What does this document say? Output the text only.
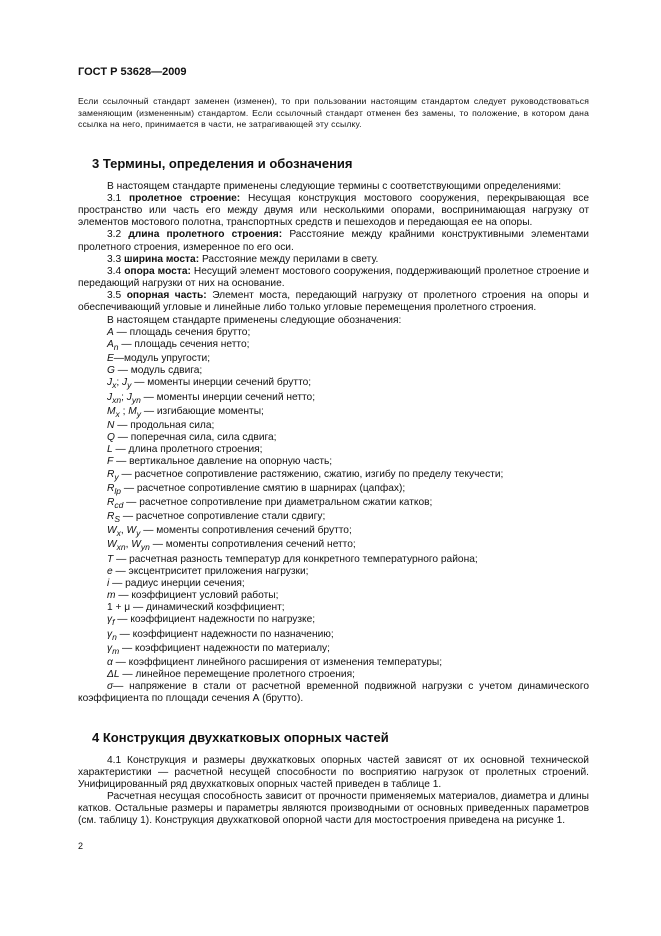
ГОСТ Р 53628—2009
Если ссылочный стандарт заменен (изменен), то при пользовании настоящим стандартом следует руководствоваться заменяющим (измененным) стандартом. Если ссылочный стандарт отменен без замены, то положение, в котором дана ссылка на него, принимается в части, не затрагивающей эту ссылку.
3 Термины, определения и обозначения

В настоящем стандарте применены следующие термины с соответствующими определениями:

3.1 пролетное строение: Несущая конструкция мостового сооружения, перекрывающая все пространство или часть его между двумя или несколькими опорами, воспринимающая нагрузку от элементов мостового полотна, транспортных средств и пешеходов и передающая ее на опоры.

3.2 длина пролетного строения: Расстояние между крайними конструктивными элементами пролетного строения, измеренное по его оси.

3.3 ширина моста: Расстояние между перилами в свету.

3.4 опора моста: Несущий элемент мостового сооружения, поддерживающий пролетное строение и передающий нагрузки от них на основание.

3.5 опорная часть: Элемент моста, передающий нагрузку от пролетного строения на опоры и обеспечивающий угловые и линейные либо только угловые перемещения пролетного строения.

В настоящем стандарте применены следующие обозначения:

A — площадь сечения брутто;

$A_n$ — площадь сечения нетто;

E—модуль упругости;

G — модуль сдвига;

$J_x$; $J_y$ — моменты инерции сечений брутто;

$J_{xn}$; $J_{yn}$ — моменты инерции сечений нетто;

$M_x$ ; $M_y$ — изгибающие моменты;

N — продольная сила;

Q — поперечная сила, сила сдвига;

L — длина пролетного строения;

F — вертикальное давление на опорную часть;

$R_y$ — расчетное сопротивление растяжению, сжатию, изгибу по пределу текучести;

$R_{lp}$ — расчетное сопротивление смятию в шарнирах (цапфах);

$R_{cd}$ — расчетное сопротивление при диаметральном сжатии катков;

$R_S$ — расчетное сопротивление стали сдвигу;

$W_x$, $W_y$ — моменты сопротивления сечений брутто;

$W_{xn}$, $W_{yn}$ — моменты сопротивления сечений нетто;

T — расчетная разность температур для конкретного температурного района;

e — эксцентриситет приложения нагрузки;

i — радиус инерции сечения;

m — коэффициент условий работы;

1 + μ — динамический коэффициент;

$\gamma_f$ — коэффициент надежности по нагрузке;

$\gamma_n$ — коэффициент надежности по назначению;

$\gamma_m$ — коэффициент надежности по материалу;

α — коэффициент линейного расширения от изменения температуры;

ΔL — линейное перемещение пролетного строения;

σ— напряжение в стали от расчетной временной подвижной нагрузки с учетом динамического коэффициента по площади сечения А (брутто).

4 Конструкция двухкатковых опорных частей

4.1 Конструкция и размеры двухкатковых опорных частей зависят от их основной технической характеристики — расчетной несущей способности по восприятию нагрузок от пролетных строений. Унифицированный ряд двухкатковых опорных частей приведен в таблице 1.

Расчетная несущая способность зависит от прочности применяемых материалов, диаметра и длины катков. Остальные размеры и параметры являются производными от основных приведенных параметров (см. таблицу 1). Конструкция двухкатковой опорной части для мостостроения приведена на рисунке 1.

2
